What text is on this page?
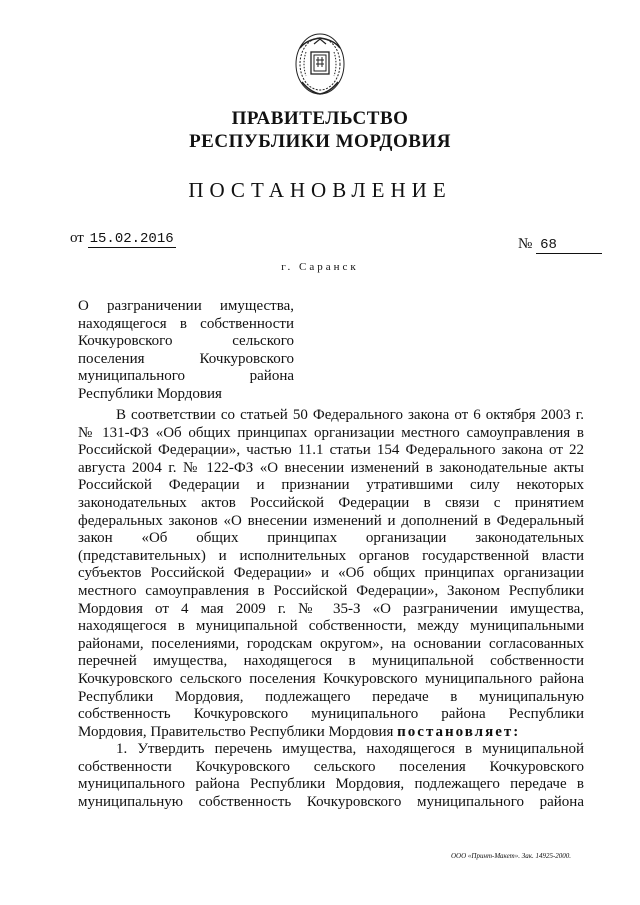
ПРАВИТЕЛЬСТВО
РЕСПУБЛИКИ МОРДОВИЯ
ПОСТАНОВЛЕНИЕ
от 15.02.2016	№ 68
г. Саранск
О разграничении имущества,
находящегося в собственности
Кочкуровского сельского
поселения Кочкуровского
муниципального района
Республики Мордовия
В соответствии со статьей 50 Федерального закона от 6 октября 2003 г.
№ 131-ФЗ «Об общих принципах организации местного самоуправления в
Российской Федерации», частью 11.1 статьи 154 Федерального закона от 22
августа 2004 г. № 122-ФЗ «О внесении изменений в законодательные акты
Российской Федерации и признании утратившими силу некоторых
законодательных актов Российской Федерации в связи с принятием
федеральных законов «О внесении изменений и дополнений в Федеральный
закон «Об общих принципах организации законодательных
(представительных) и исполнительных органов государственной власти
субъектов Российской Федерации» и «Об общих принципах организации
местного самоуправления в Российской Федерации», Законом Республики
Мордовия от 4 мая 2009 г. № 35-З «О разграничении имущества,
находящегося в муниципальной собственности, между муниципальными
районами, поселениями, городскам округом», на основании согласованных
перечней имущества, находящегося в муниципальной собственности
Кочкуровского сельского поселения Кочкуровского муниципального района
Республики Мордовия, подлежащего передаче в муниципальную
собственность Кочкуровского муниципального района Республики
Мордовия, Правительство Республики Мордовия постановляет:
1. Утвердить перечень имущества, находящегося в муниципальной
собственности Кочкуровского сельского поселения Кочкуровского
муниципального района Республики Мордовия, подлежащего передаче в
муниципальную собственность Кочкуровского муниципального района
ООО «Принт-Макет». Зак. 14925-2000.
